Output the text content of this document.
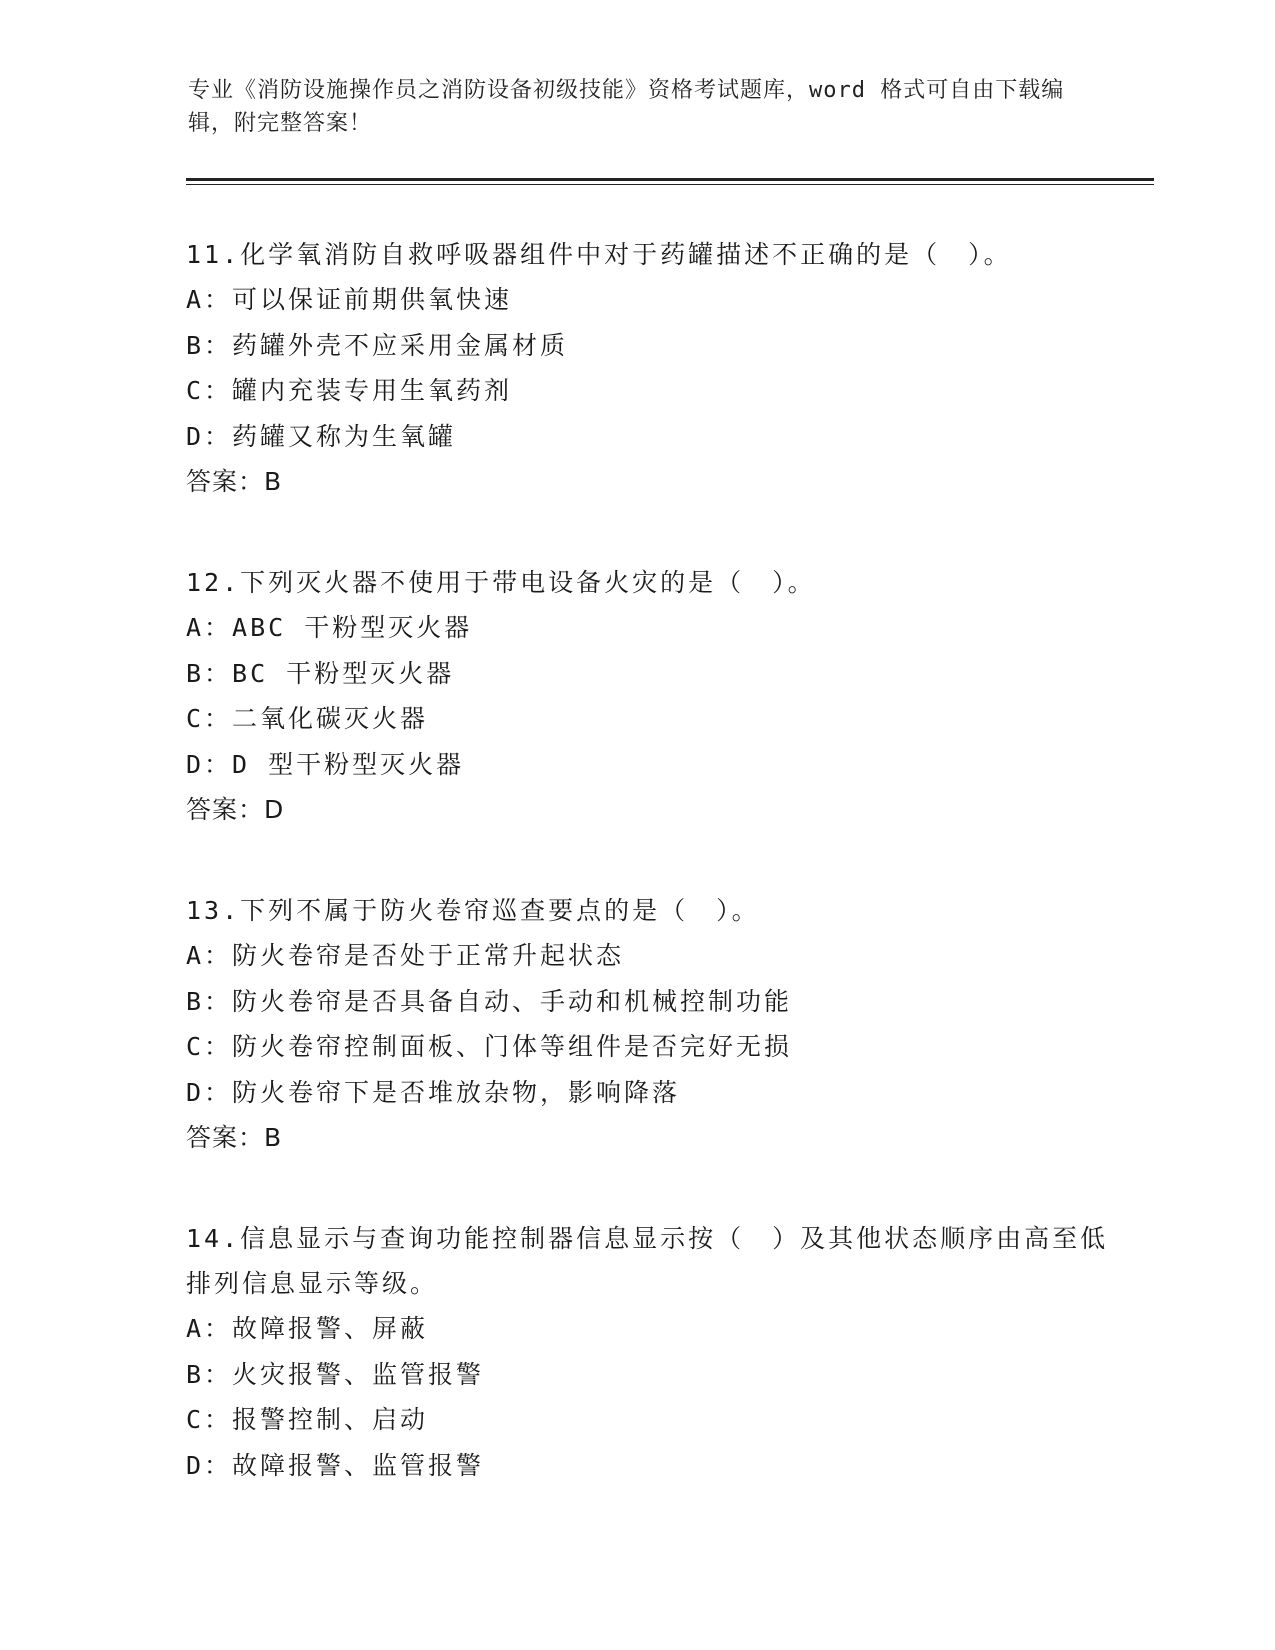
专业《消防设施操作员之消防设备初级技能》资格考试题库，word 格式可自由下载编辑，附完整答案！
11.化学氧消防自救呼吸器组件中对于药罐描述不正确的是（　）。
A：可以保证前期供氧快速
B：药罐外壳不应采用金属材质
C：罐内充装专用生氧药剂
D：药罐又称为生氧罐
答案：B
12.下列灭火器不使用于带电设备火灾的是（　）。
A：ABC 干粉型灭火器
B：BC 干粉型灭火器
C：二氧化碳灭火器
D：D 型干粉型灭火器
答案：D
13.下列不属于防火卷帘巡查要点的是（　）。
A：防火卷帘是否处于正常升起状态
B：防火卷帘是否具备自动、手动和机械控制功能
C：防火卷帘控制面板、门体等组件是否完好无损
D：防火卷帘下是否堆放杂物，影响降落
答案：B
14.信息显示与查询功能控制器信息显示按（　）及其他状态顺序由高至低排列信息显示等级。
A：故障报警、屏蔽
B：火灾报警、监管报警
C：报警控制、启动
D：故障报警、监管报警
